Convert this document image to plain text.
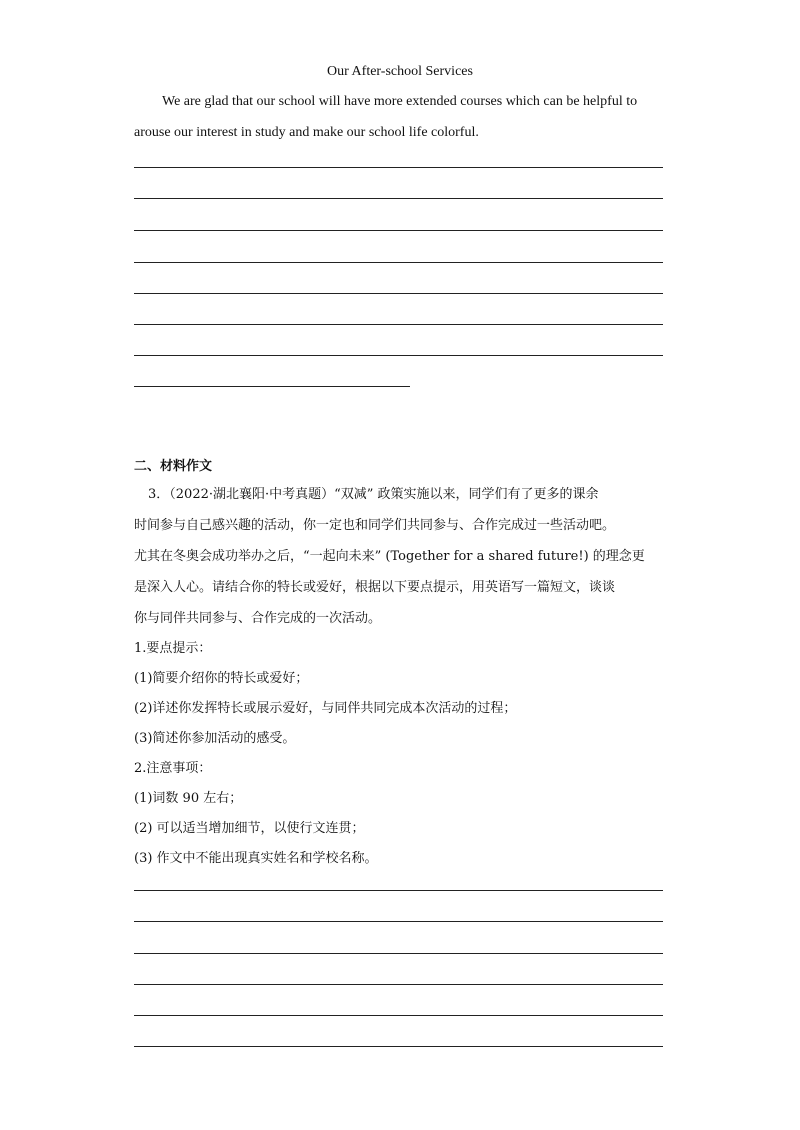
Our After-school Services
We are glad that our school will have more extended courses which can be helpful to
arouse our interest in study and make our school life colorful.
二、材料作文
3．（2022·湖北襄阳·中考真题）“双减” 政策实施以来，同学们有了更多的课余
时间参与自己感兴趣的活动，你一定也和同学们共同参与、合作完成过一些活动吧。
尤其在冬奥会成功举办之后，“一起向未来” (Together for a shared future!) 的理念更
是深入人心。请结合你的特长或爱好，根据以下要点提示，用英语写一篇短文，谈谈
你与同伴共同参与、合作完成的一次活动。
1.要点提示：
(1)简要介绍你的特长或爱好；
(2)详述你发挥特长或展示爱好，与同伴共同完成本次活动的过程；
(3)简述你参加活动的感受。
2.注意事项：
(1)词数 90 左右；
(2) 可以适当增加细节，以使行文连贯；
(3) 作文中不能出现真实姓名和学校名称。
